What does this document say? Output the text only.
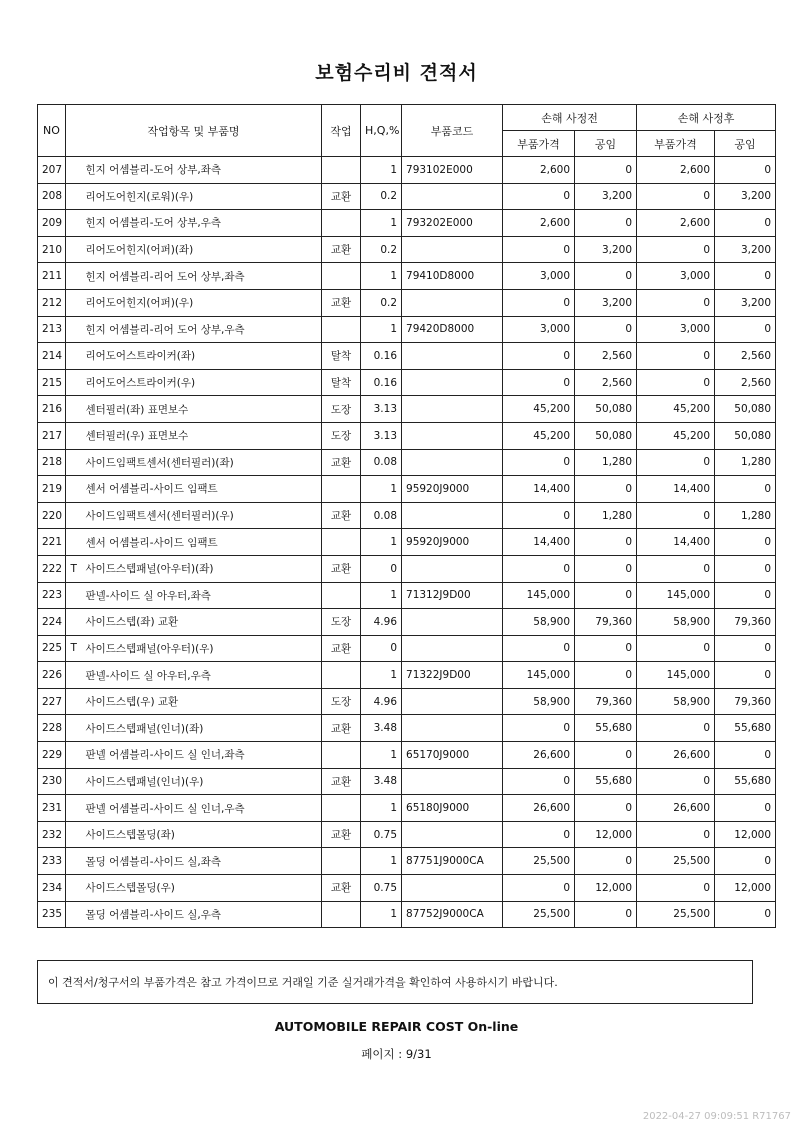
보험수리비 견적서
NO	작업항목 및 부품명		작업	H,Q,%	부품코드	손해 사정전		손해 사정후	
						부품가격	공임	부품가격	공임
207		힌지 어셈블리-도어 상부,좌측		1	793102E000	2,600	0	2,600	0
208		리어도어힌지(로워)(우)	교환	0.2		0	3,200	0	3,200
209		힌지 어셈블리-도어 상부,우측		1	793202E000	2,600	0	2,600	0
210		리어도어힌지(어퍼)(좌)	교환	0.2		0	3,200	0	3,200
211		힌지 어셈블리-리어 도어 상부,좌측		1	79410D8000	3,000	0	3,000	0
212		리어도어힌지(어퍼)(우)	교환	0.2		0	3,200	0	3,200
213		힌지 어셈블리-리어 도어 상부,우측		1	79420D8000	3,000	0	3,000	0
214		리어도어스트라이커(좌)	탈착	0.16		0	2,560	0	2,560
215		리어도어스트라이커(우)	탈착	0.16		0	2,560	0	2,560
216		센터필러(좌) 표면보수	도장	3.13		45,200	50,080	45,200	50,080
217		센터필러(우) 표면보수	도장	3.13		45,200	50,080	45,200	50,080
218		사이드임팩트센서(센터필러)(좌)	교환	0.08		0	1,280	0	1,280
219		센서 어셈블리-사이드 임팩트		1	95920J9000	14,400	0	14,400	0
220		사이드임팩트센서(센터필러)(우)	교환	0.08		0	1,280	0	1,280
221		센서 어셈블리-사이드 임팩트		1	95920J9000	14,400	0	14,400	0
222	T	사이드스텝패널(아우터)(좌)	교환	0		0	0	0	0
223		판넬-사이드 실 아우터,좌측		1	71312J9D00	145,000	0	145,000	0
224		사이드스텝(좌) 교환	도장	4.96		58,900	79,360	58,900	79,360
225	T	사이드스텝패널(아우터)(우)	교환	0		0	0	0	0
226		판넬-사이드 실 아우터,우측		1	71322J9D00	145,000	0	145,000	0
227		사이드스텝(우) 교환	도장	4.96		58,900	79,360	58,900	79,360
228		사이드스텝패널(인너)(좌)	교환	3.48		0	55,680	0	55,680
229		판넬 어셈블리-사이드 실 인너,좌측		1	65170J9000	26,600	0	26,600	0
230		사이드스텝패널(인너)(우)	교환	3.48		0	55,680	0	55,680
231		판넬 어셈블리-사이드 실 인너,우측		1	65180J9000	26,600	0	26,600	0
232		사이드스텝몰딩(좌)	교환	0.75		0	12,000	0	12,000
233		몰딩 어셈블리-사이드 실,좌측		1	87751J9000CA	25,500	0	25,500	0
234		사이드스텝몰딩(우)	교환	0.75		0	12,000	0	12,000
235		몰딩 어셈블리-사이드 실,우측		1	87752J9000CA	25,500	0	25,500	0
이 견적서/청구서의 부품가격은 참고 가격이므로 거래일 기준 실거래가격을 확인하여 사용하시기 바랍니다.
AUTOMOBILE REPAIR COST On-line
페이지 : 9/31
2022-04-27 09:09:51 R71767
